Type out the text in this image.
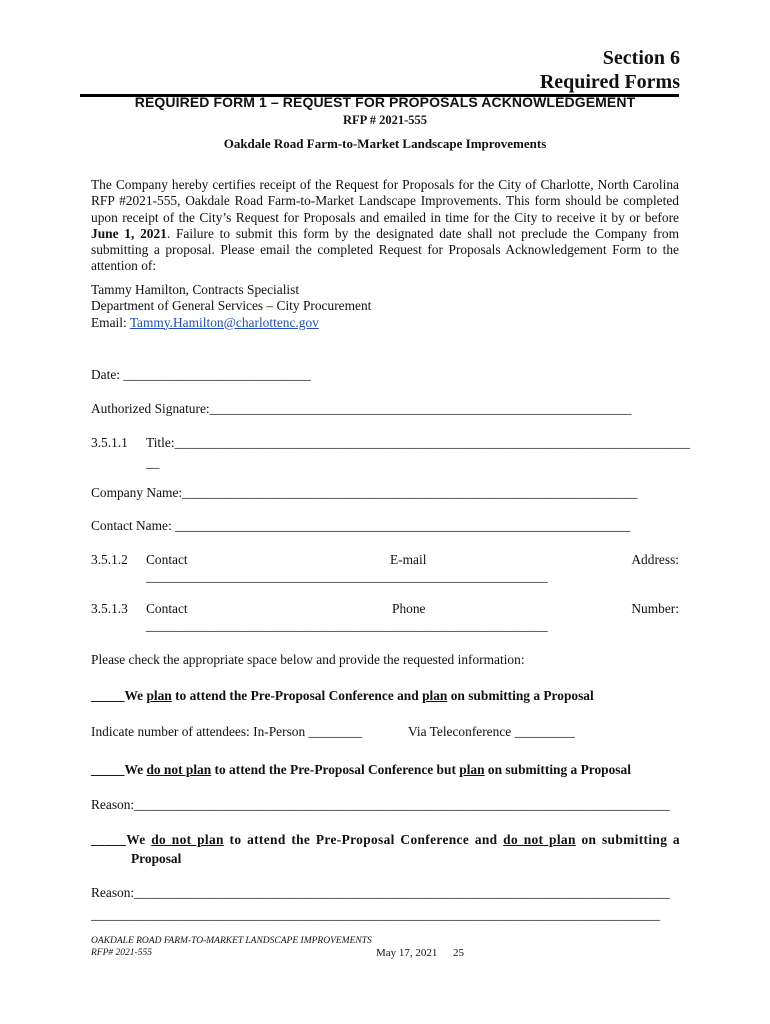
Section 6
Required Forms
REQUIRED FORM 1 – REQUEST FOR PROPOSALS ACKNOWLEDGEMENT
RFP # 2021-555
Oakdale Road Farm-to-Market Landscape Improvements
The Company hereby certifies receipt of the Request for Proposals for the City of Charlotte, North Carolina RFP #2021-555, Oakdale Road Farm-to-Market Landscape Improvements. This form should be completed upon receipt of the City’s Request for Proposals and emailed in time for the City to receive it by or before June 1, 2021. Failure to submit this form by the designated date shall not preclude the Company from submitting a proposal. Please email the completed Request for Proposals Acknowledgement Form to the attention of:
Tammy Hamilton, Contracts Specialist
Department of General Services – City Procurement
Email: Tammy.Hamilton@charlottenc.gov
Date: ____________________________
Authorized Signature:_______________________________________________________________
3.5.1.1 Title:_____________________________________________________________________________
__
Company Name:____________________________________________________________________
Contact Name: ____________________________________________________________________
3.5.1.2 Contact	E-mail	Address:
____________________________________________________________
3.5.1.3 Contact	Phone	Number:
____________________________________________________________
Please check the appropriate space below and provide the requested information:
_____We plan to attend the Pre-Proposal Conference and plan on submitting a Proposal
Indicate number of attendees: In-Person ________	Via Teleconference _________
_____We do not plan to attend the Pre-Proposal Conference but plan on submitting a Proposal
Reason:________________________________________________________________________________
_____We do not plan to attend the Pre-Proposal Conference and do not plan on submitting a
Proposal
Reason:________________________________________________________________________________
_____________________________________________________________________________________
OAKDALE ROAD FARM-TO-MARKET LANDSCAPE IMPROVEMENTS
RFP# 2021-555	May 17, 2021 25
